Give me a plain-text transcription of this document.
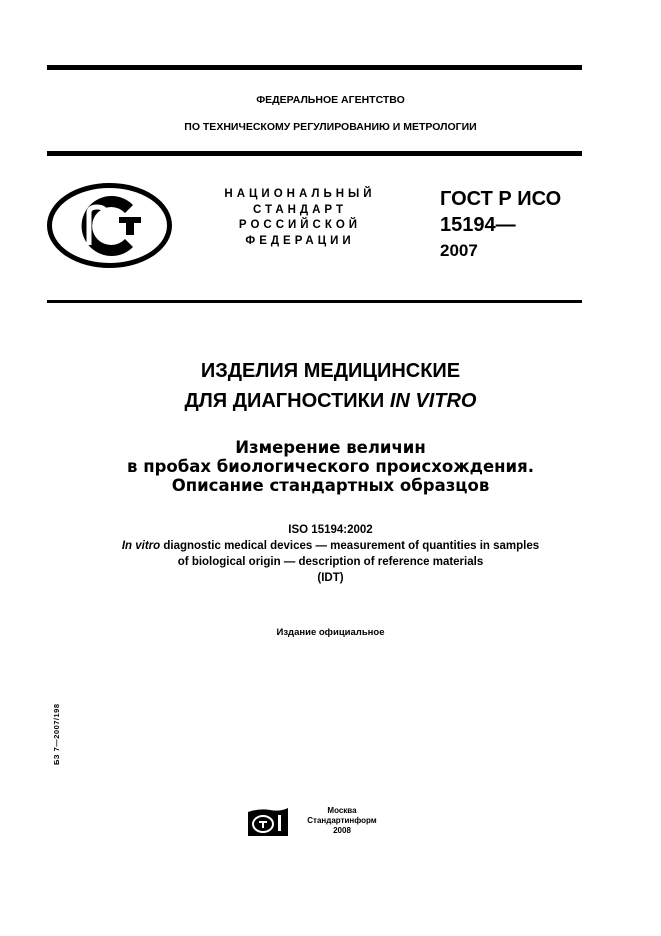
ФЕДЕРАЛЬНОЕ АГЕНТСТВО
ПО ТЕХНИЧЕСКОМУ РЕГУЛИРОВАНИЮ И МЕТРОЛОГИИ
НАЦИОНАЛЬНЫЙ
СТАНДАРТ
РОССИЙСКОЙ
ФЕДЕРАЦИИ
ГОСТ Р ИСО
15194—
2007
ИЗДЕЛИЯ МЕДИЦИНСКИЕ
ДЛЯ ДИАГНОСТИКИ IN VITRO
Измерение величин
в пробах биологического происхождения.
Описание стандартных образцов
ISO 15194:2002
In vitro diagnostic medical devices — measurement of quantities in samples
of biological origin — description of reference materials
(IDT)
Издание официальное
БЗ 7—2007/198
Москва
Стандартинформ
2008
